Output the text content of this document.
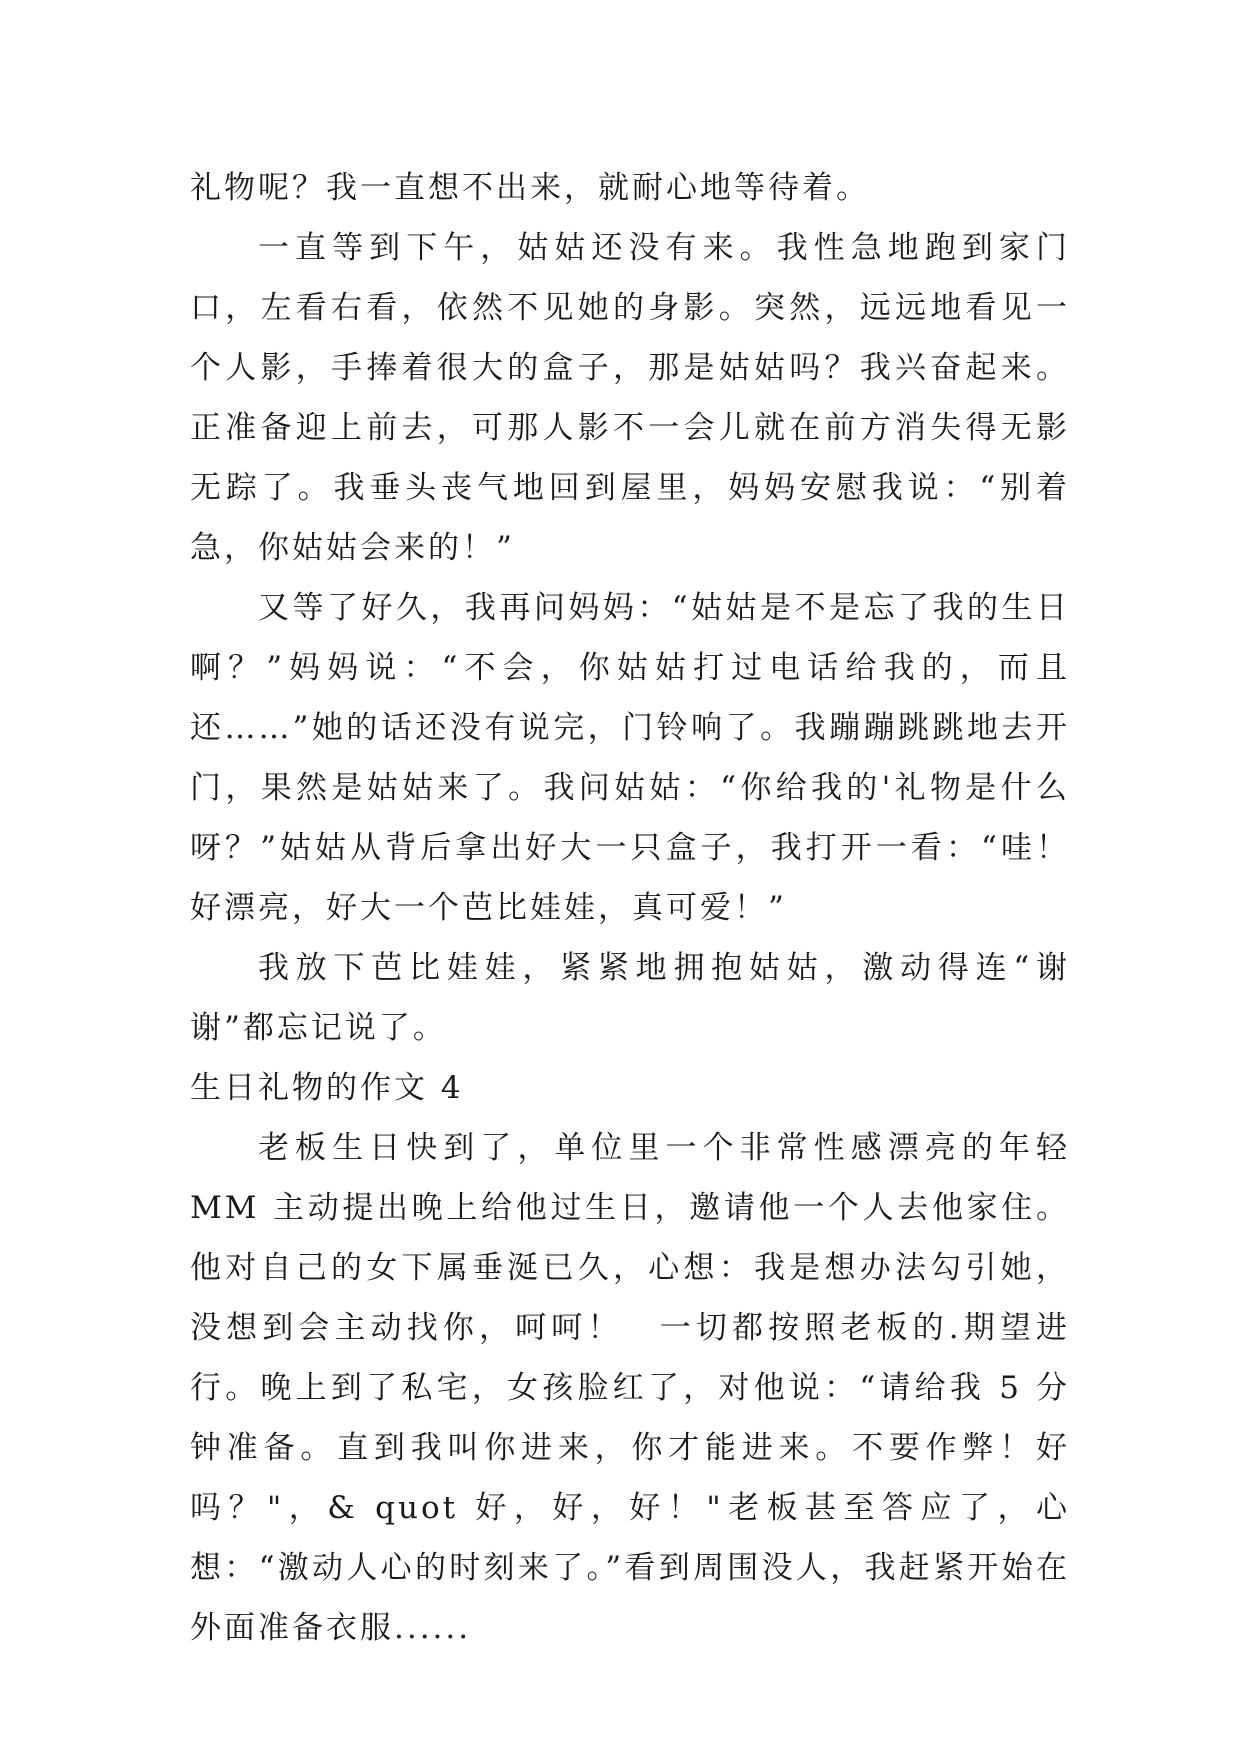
礼物呢？我一直想不出来，就耐心地等待着。

一直等到下午，姑姑还没有来。我性急地跑到家门口，左看右看，依然不见她的身影。突然，远远地看见一个人影，手捧着很大的盒子，那是姑姑吗？我兴奋起来。正准备迎上前去，可那人影不一会儿就在前方消失得无影无踪了。我垂头丧气地回到屋里，妈妈安慰我说：“别着急，你姑姑会来的！”

又等了好久，我再问妈妈：“姑姑是不是忘了我的生日啊？”妈妈说：“不会，你姑姑打过电话给我的，而且还……”她的话还没有说完，门铃响了。我蹦蹦跳跳地去开门，果然是姑姑来了。我问姑姑：“你给我的'礼物是什么呀？”姑姑从背后拿出好大一只盒子，我打开一看：“哇！好漂亮，好大一个芭比娃娃，真可爱！”

我放下芭比娃娃，紧紧地拥抱姑姑，激动得连“谢谢”都忘记说了。

生日礼物的作文 4

老板生日快到了，单位里一个非常性感漂亮的年轻 MM 主动提出晚上给他过生日，邀请他一个人去他家住。他对自己的女下属垂涎已久，心想：我是想办法勾引她，没想到会主动找你，呵呵！　一切都按照老板的.期望进行。晚上到了私宅，女孩脸红了，对他说：“请给我 5 分钟准备。直到我叫你进来，你才能进来。不要作弊！好吗？"，& quot 好，好，好！"老板甚至答应了，心想：“激动人心的时刻来了。”看到周围没人，我赶紧开始在外面准备衣服......
